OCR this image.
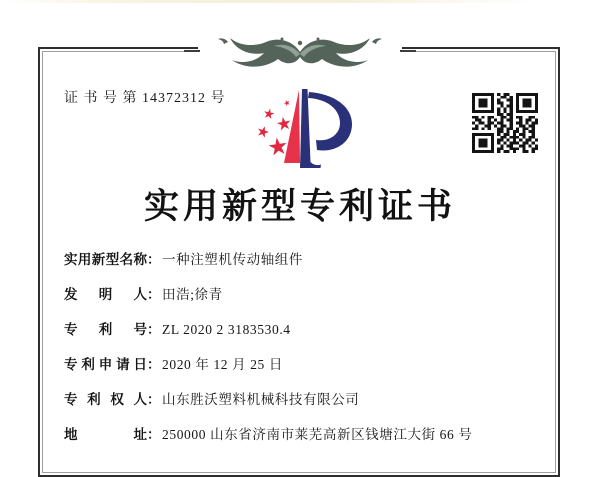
证 书 号 第 14372312 号
实用新型专利证书
实用新型名称： 一种注塑机传动轴组件
发明人： 田浩;徐青
专利号： ZL 2020 2 3183530.4
专利申请日： 2020 年 12 月 25 日
专利权人： 山东胜沃塑料机械科技有限公司
地址： 250000 山东省济南市莱芜高新区钱塘江大街 66 号
